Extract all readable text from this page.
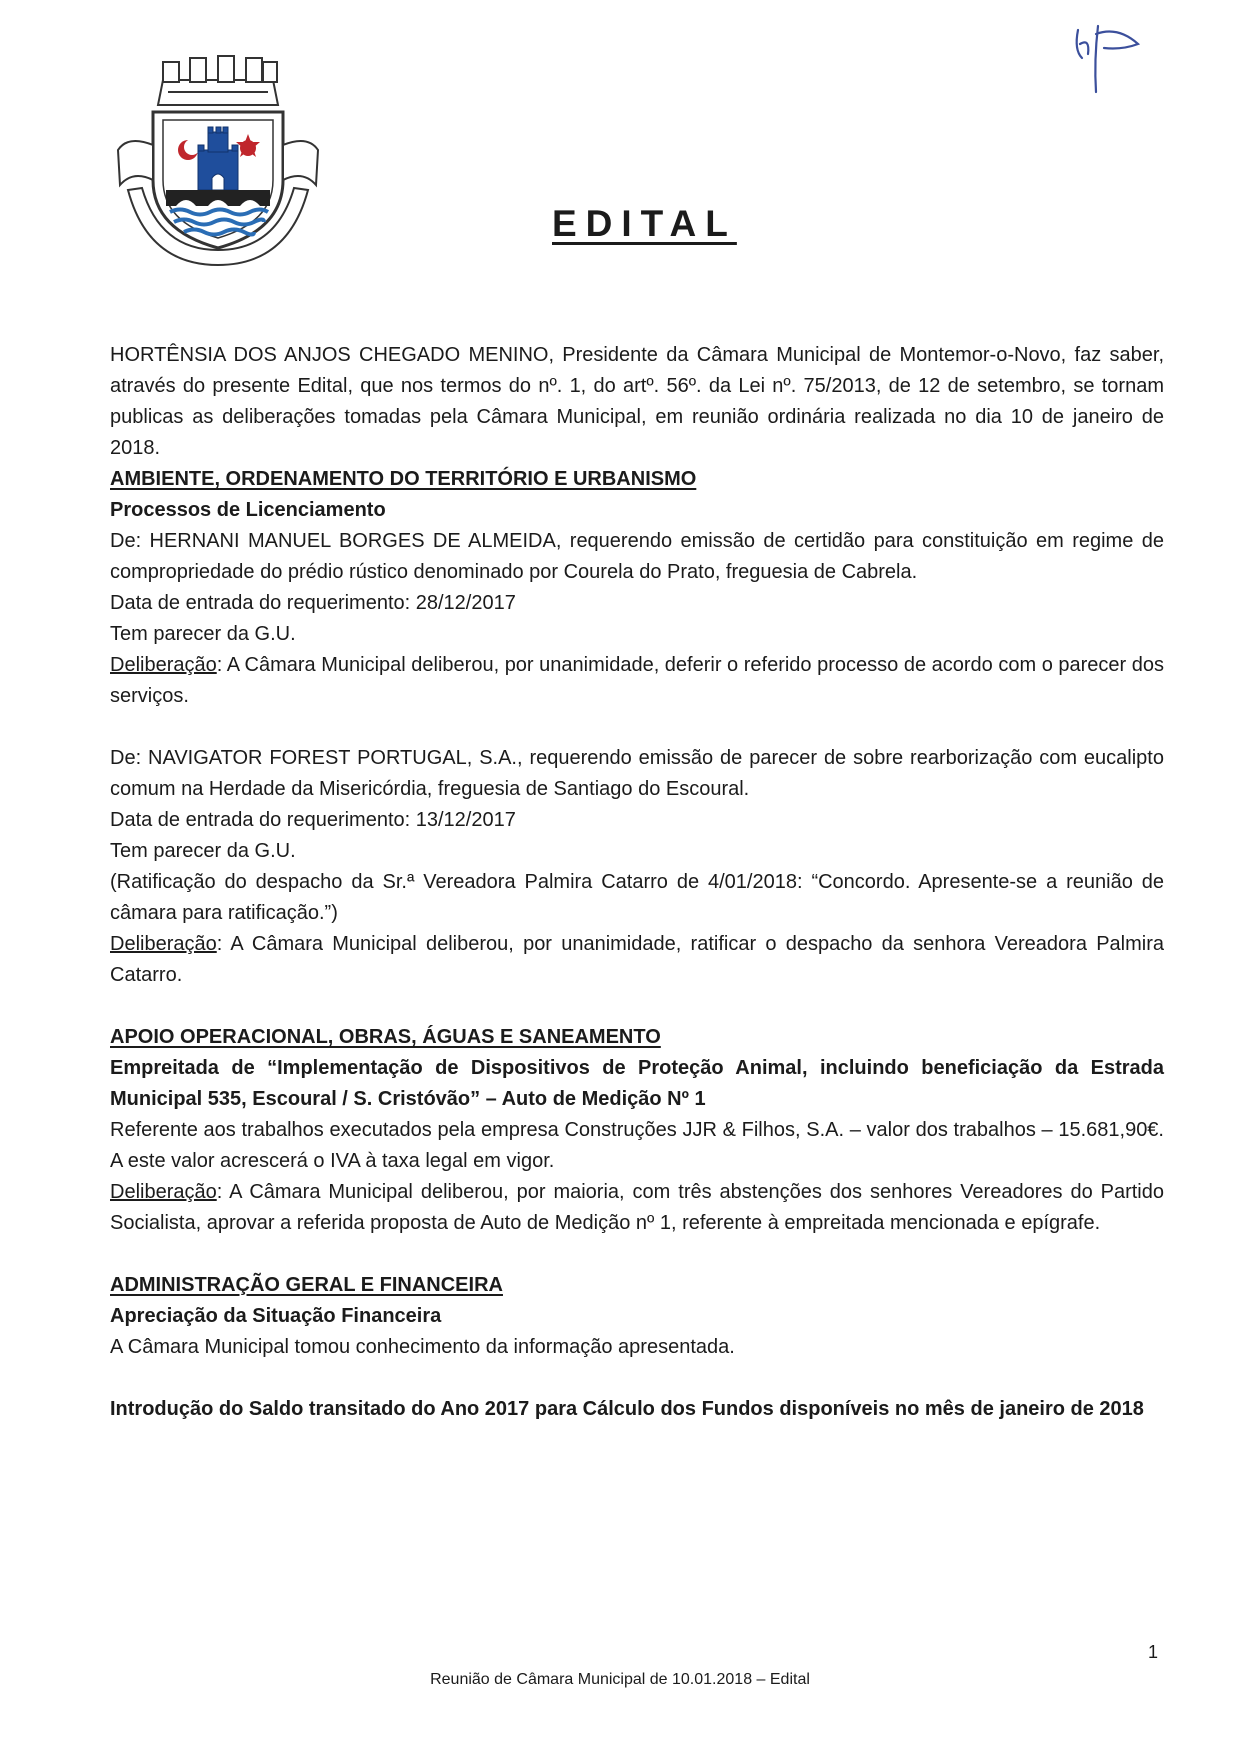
EDITAL

HORTÊNSIA DOS ANJOS CHEGADO MENINO, Presidente da Câmara Municipal de Montemor-o-Novo, faz saber, através do presente Edital, que nos termos do nº. 1, do artº. 56º. da Lei nº. 75/2013, de 12 de setembro, se tornam publicas as deliberações tomadas pela Câmara Municipal, em reunião ordinária realizada no dia 10 de janeiro de 2018.

AMBIENTE, ORDENAMENTO DO TERRITÓRIO E URBANISMO

Processos de Licenciamento

De: HERNANI MANUEL BORGES DE ALMEIDA, requerendo emissão de certidão para constituição em regime de compropriedade do prédio rústico denominado por Courela do Prato, freguesia de Cabrela.

Data de entrada do requerimento: 28/12/2017

Tem parecer da G.U.

Deliberação: A Câmara Municipal deliberou, por unanimidade, deferir o referido processo de acordo com o parecer dos serviços.

De: NAVIGATOR FOREST PORTUGAL, S.A., requerendo emissão de parecer de sobre rearborização com eucalipto comum na Herdade da Misericórdia, freguesia de Santiago do Escoural.

Data de entrada do requerimento: 13/12/2017

Tem parecer da G.U.

(Ratificação do despacho da Sr.ª Vereadora Palmira Catarro de 4/01/2018: “Concordo. Apresente-se a reunião de câmara para ratificação.”)

Deliberação: A Câmara Municipal deliberou, por unanimidade, ratificar o despacho da senhora Vereadora Palmira Catarro.

APOIO OPERACIONAL, OBRAS, ÁGUAS E SANEAMENTO

Empreitada de “Implementação de Dispositivos de Proteção Animal, incluindo beneficiação da Estrada Municipal 535, Escoural / S. Cristóvão” – Auto de Medição Nº 1

Referente aos trabalhos executados pela empresa Construções JJR & Filhos, S.A. – valor dos trabalhos – 15.681,90€. A este valor acrescerá o IVA à taxa legal em vigor.

Deliberação: A Câmara Municipal deliberou, por maioria, com três abstenções dos senhores Vereadores do Partido Socialista, aprovar a referida proposta de Auto de Medição nº 1, referente à empreitada mencionada e epígrafe.

ADMINISTRAÇÃO GERAL E FINANCEIRA

Apreciação da Situação Financeira

A Câmara Municipal tomou conhecimento da informação apresentada.

Introdução do Saldo transitado do Ano 2017 para Cálculo dos Fundos disponíveis no mês de janeiro de 2018

1
Reunião de Câmara Municipal de 10.01.2018 – Edital
